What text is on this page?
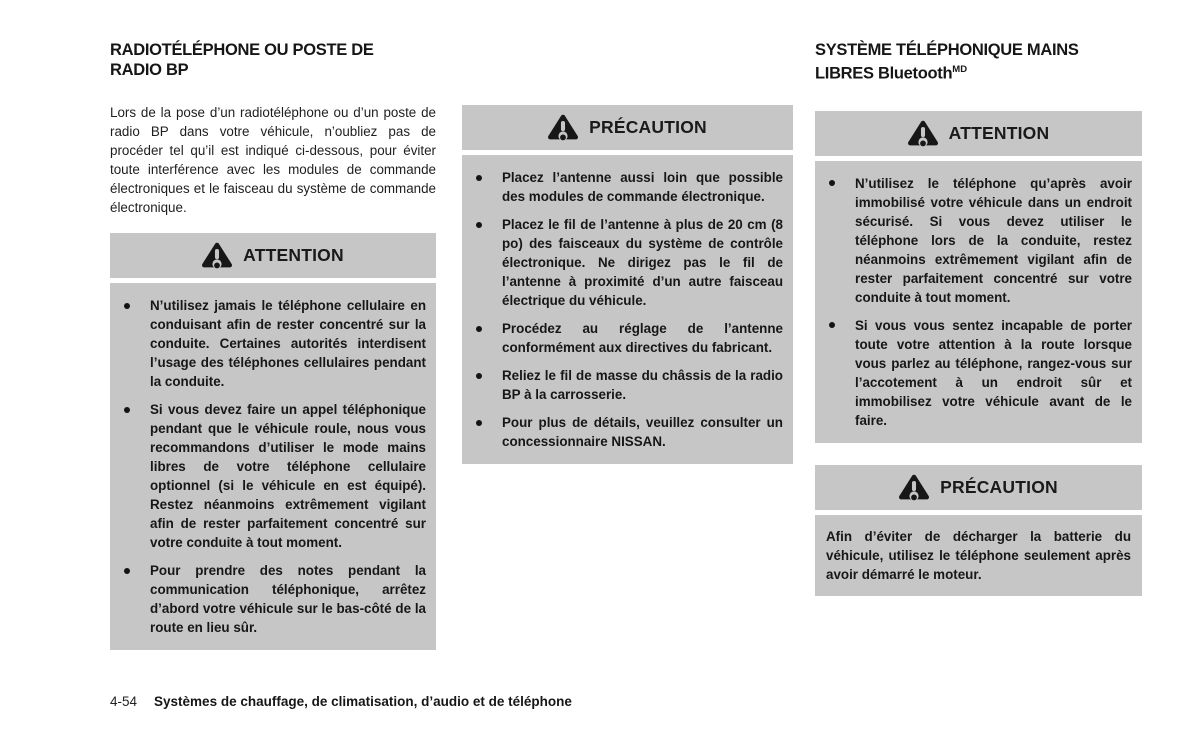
RADIOTÉLÉPHONE OU POSTE DE
RADIO BP

Lors de la pose d’un radiotéléphone ou d’un poste de radio BP dans votre véhicule, n’oubliez pas de procéder tel qu’il est indiqué ci-dessous, pour éviter toute interférence avec les modules de commande électroniques et le faisceau du système de commande électronique.

ATTENTION
N’utilisez jamais le téléphone cellulaire en conduisant afin de rester concentré sur la conduite. Certaines autorités interdisent l’usage des téléphones cellulaires pendant la conduite.
Si vous devez faire un appel téléphonique pendant que le véhicule roule, nous vous recommandons d’utiliser le mode mains libres de votre téléphone cellulaire optionnel (si le véhicule en est équipé). Restez néanmoins extrêmement vigilant afin de rester parfaitement concentré sur votre conduite à tout moment.
Pour prendre des notes pendant la communication téléphonique, arrêtez d’abord votre véhicule sur le bas-côté de la route en lieu sûr.
PRÉCAUTION
Placez l’antenne aussi loin que possible des modules de commande électronique.
Placez le fil de l’antenne à plus de 20 cm (8 po) des faisceaux du système de contrôle électronique. Ne dirigez pas le fil de l’antenne à proximité d’un autre faisceau électrique du véhicule.
Procédez au réglage de l’antenne conformément aux directives du fabricant.
Reliez le fil de masse du châssis de la radio BP à la carrosserie.
Pour plus de détails, veuillez consulter un concessionnaire NISSAN.
SYSTÈME TÉLÉPHONIQUE MAINS
LIBRES Bluetooth$^{MD}$
ATTENTION
N’utilisez le téléphone qu’après avoir immobilisé votre véhicule dans un endroit sécurisé. Si vous devez utiliser le téléphone lors de la conduite, restez néanmoins extrêmement vigilant afin de rester parfaitement concentré sur votre conduite à tout moment.
Si vous vous sentez incapable de porter toute votre attention à la route lorsque vous parlez au téléphone, rangez-vous sur l’accotement à un endroit sûr et immobilisez votre véhicule avant de le faire.
PRÉCAUTION

Afin d’éviter de décharger la batterie du véhicule, utilisez le téléphone seulement après avoir démarré le moteur.

4-54 Systèmes de chauffage, de climatisation, d’audio et de téléphone
